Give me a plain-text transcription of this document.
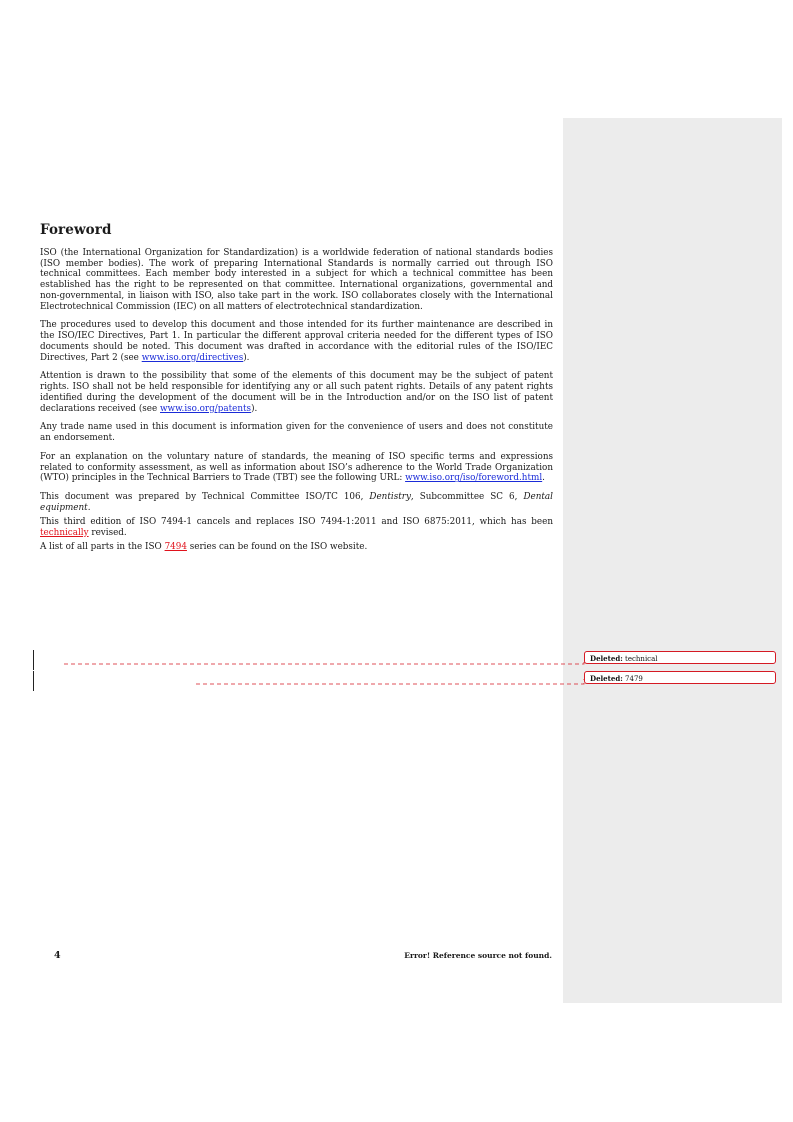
Foreword

ISO (the International Organization for Standardization) is a worldwide federation of national standards bodies (ISO member bodies). The work of preparing International Standards is normally carried out through ISO technical committees. Each member body interested in a subject for which a technical committee has been established has the right to be represented on that committee. International organizations, governmental and non-governmental, in liaison with ISO, also take part in the work. ISO collaborates closely with the International Electrotechnical Commission (IEC) on all matters of electrotechnical standardization.

The procedures used to develop this document and those intended for its further maintenance are described in the ISO/IEC Directives, Part 1. In particular the different approval criteria needed for the different types of ISO documents should be noted. This document was drafted in accordance with the editorial rules of the ISO/IEC Directives, Part 2 (see www.iso.org/directives).

Attention is drawn to the possibility that some of the elements of this document may be the subject of patent rights. ISO shall not be held responsible for identifying any or all such patent rights. Details of any patent rights identified during the development of the document will be in the Introduction and/or on the ISO list of patent declarations received (see www.iso.org/patents).

Any trade name used in this document is information given for the convenience of users and does not constitute an endorsement.

For an explanation on the voluntary nature of standards, the meaning of ISO specific terms and expressions related to conformity assessment, as well as information about ISO’s adherence to the World Trade Organization (WTO) principles in the Technical Barriers to Trade (TBT) see the following URL: www.iso.org/iso/foreword.html.

This document was prepared by Technical Committee ISO/TC 106, Dentistry, Subcommittee SC 6, Dental equipment.

This third edition of ISO 7494-1 cancels and replaces ISO 7494-1:2011 and ISO 6875:2011, which has been technically revised.

A list of all parts in the ISO 7494 series can be found on the ISO website.

Deleted: technical
Deleted: 7479
4	Error! Reference source not found.
